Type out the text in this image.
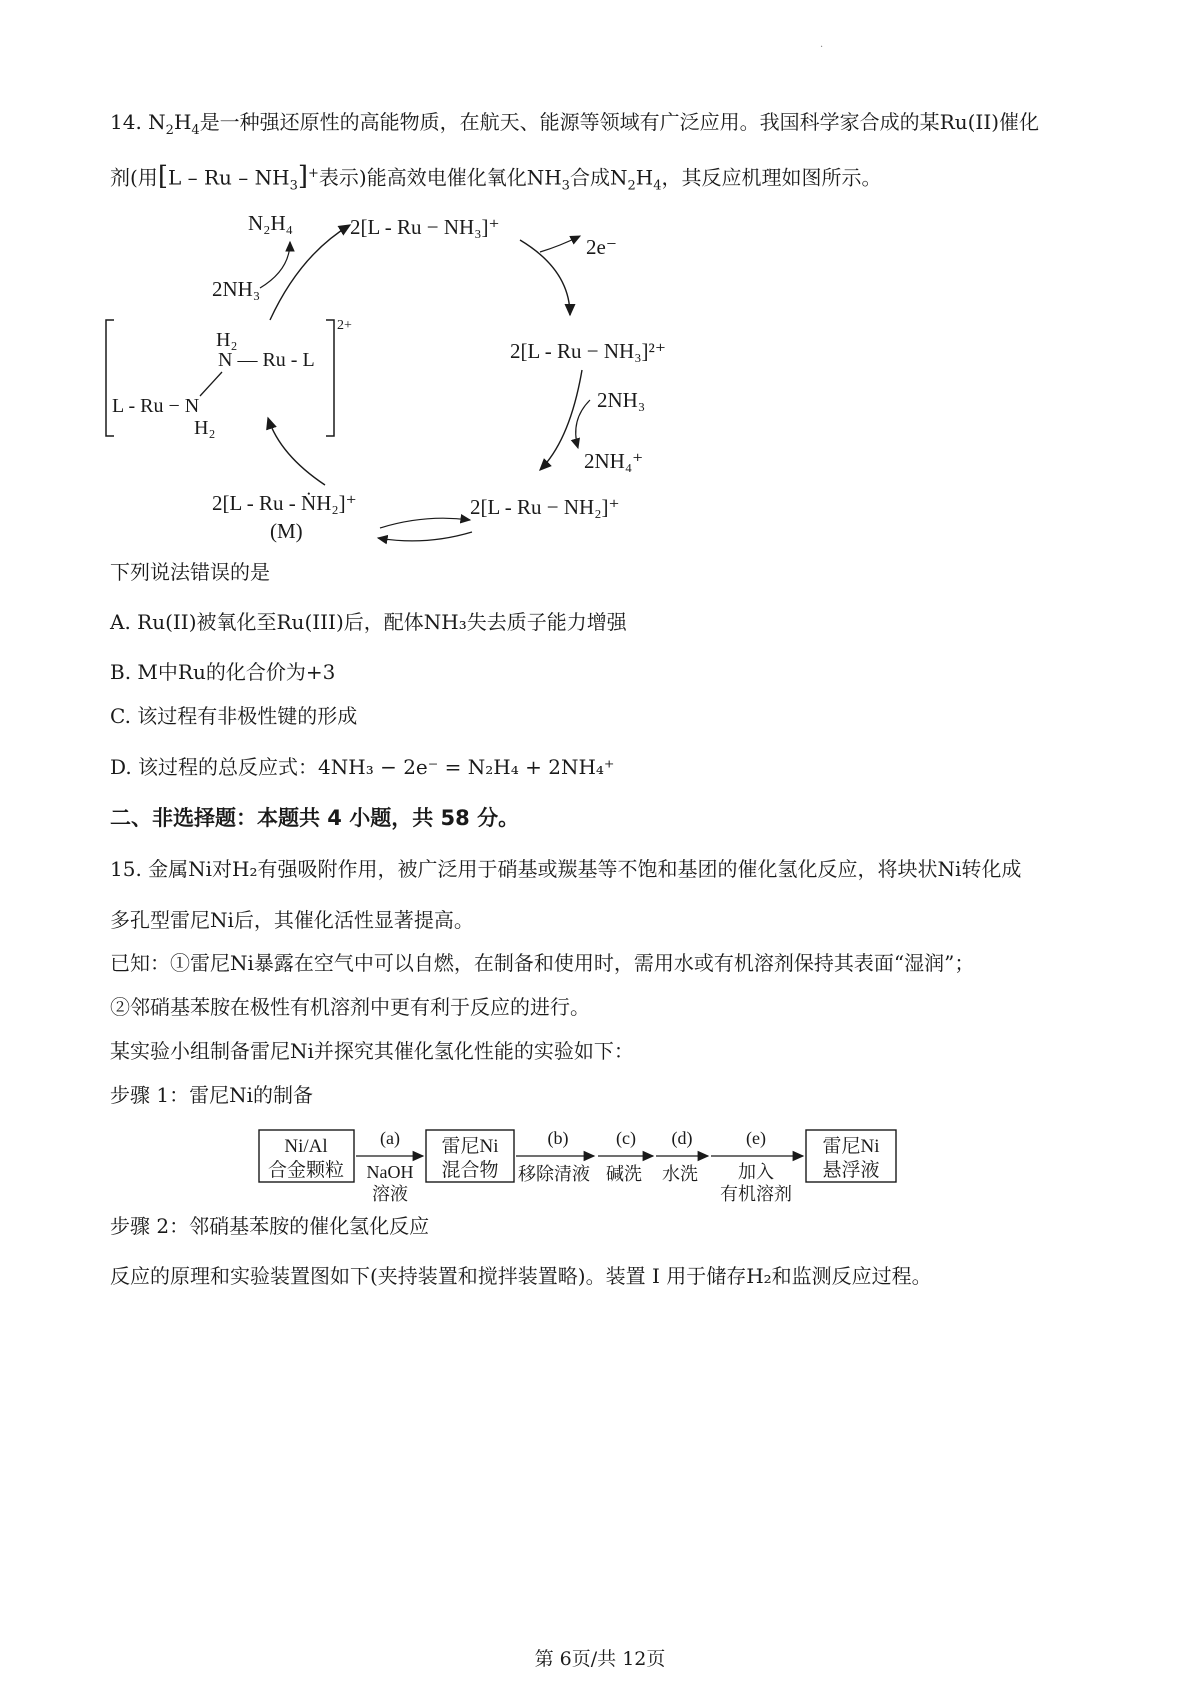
·
14. $N_2H_4$是一种强还原性的高能物质，在航天、能源等领域有广泛应用。我国科学家合成的某Ru(II)催化
剂(用[L – Ru – $NH_3]^+$表示)能高效电催化氧化$NH_3$合成$N_2H_4$，其反应机理如图所示。
2[L - Ru − NH₃]⁺
N₂H₄
2NH₃
2e⁻
2[L - Ru − NH₃]²⁺
2NH₃
2NH₄⁺
2[L - Ru − NH₂]⁺
2[L - Ru - ṄH₂]⁺
(M)
2+
H₂
N — Ru - L
L - Ru − N
H₂
下列说法错误的是
A. Ru(II)被氧化至Ru(III)后，配体NH₃失去质子能力增强
B. M中Ru的化合价为+3
C. 该过程有非极性键的形成
D. 该过程的总反应式：4NH₃ − 2e⁻ = N₂H₄ + 2NH₄⁺
二、非选择题：本题共 4 小题，共 58 分。
15. 金属Ni对H₂有强吸附作用，被广泛用于硝基或羰基等不饱和基团的催化氢化反应，将块状Ni转化成
多孔型雷尼Ni后，其催化活性显著提高。
已知：①雷尼Ni暴露在空气中可以自燃，在制备和使用时，需用水或有机溶剂保持其表面“湿润”；
②邻硝基苯胺在极性有机溶剂中更有利于反应的进行。
某实验小组制备雷尼Ni并探究其催化氢化性能的实验如下：
步骤 1：雷尼Ni的制备
Ni/Al
合金颗粒
(a)
NaOH
溶液
雷尼Ni
混合物
(b)
移除清液
(c)
碱洗
(d)
水洗
(e)
加入
有机溶剂
雷尼Ni
悬浮液
步骤 2：邻硝基苯胺的催化氢化反应
反应的原理和实验装置图如下(夹持装置和搅拌装置略)。装置 I 用于储存H₂和监测反应过程。
第 6页/共 12页
